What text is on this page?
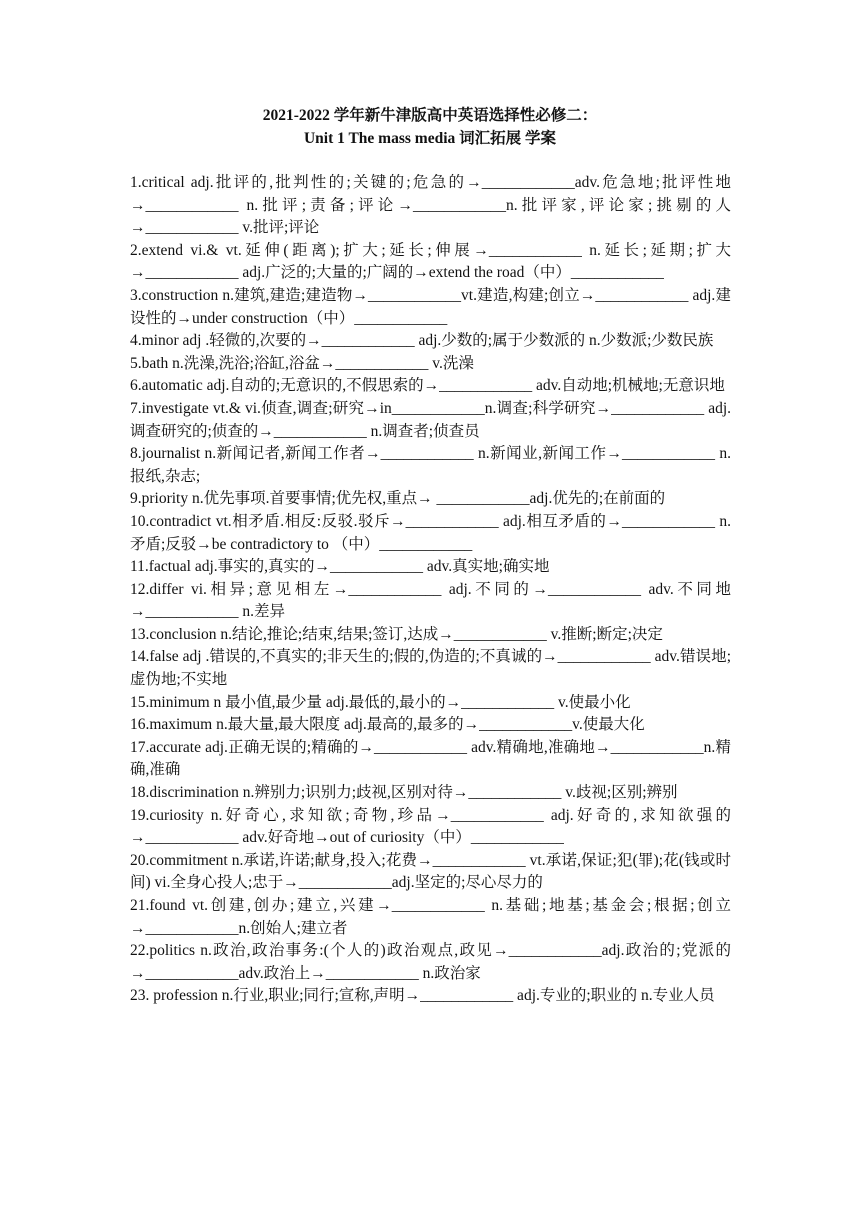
2021-2022 学年新牛津版高中英语选择性必修二：
Unit 1 The mass media 词汇拓展 学案
1.critical adj.批评的,批判性的;关键的;危急的→____________adv.危急地;批评性地→____________ n.批评;责备;评论→____________n.批评家,评论家;挑剔的人→____________ v.批评;评论
2.extend vi.& vt.延伸(距离);扩大;延长;伸展→____________ n.延长;延期;扩大→____________ adj.广泛的;大量的;广阔的→extend the road（中）____________
3.construction n.建筑,建造;建造物→____________vt.建造,构建;创立→____________ adj.建设性的→under construction（中）____________
4.minor adj .轻微的,次要的→____________ adj.少数的;属于少数派的 n.少数派;少数民族
5.bath n.洗澡,洗浴;浴缸,浴盆→____________ v.洗澡
6.automatic adj.自动的;无意识的,不假思索的→____________ adv.自动地;机械地;无意识地
7.investigate vt.& vi.侦查,调查;研究→in____________n.调查;科学研究→____________ adj.调查研究的;侦查的→____________ n.调查者;侦查员
8.journalist n.新闻记者,新闻工作者→____________ n.新闻业,新闻工作→____________ n.报纸,杂志;
9.priority n.优先事项.首要事情;优先权,重点→ ____________adj.优先的;在前面的
10.contradict vt.相矛盾.相反:反驳.驳斥→____________ adj.相互矛盾的→____________ n.矛盾;反驳→be contradictory to （中）____________
11.factual adj.事实的,真实的→____________ adv.真实地;确实地
12.differ vi.相异;意见相左→____________ adj.不同的→____________ adv.不同地→____________ n.差异
13.conclusion n.结论,推论;结束,结果;签订,达成→____________ v.推断;断定;决定
14.false adj .错误的,不真实的;非天生的;假的,伪造的;不真诚的→____________ adv.错误地;虚伪地;不实地
15.minimum n 最小值,最少量 adj.最低的,最小的→____________ v.使最小化
16.maximum n.最大量,最大限度 adj.最高的,最多的→____________v.使最大化
17.accurate adj.正确无误的;精确的→____________ adv.精确地,准确地→____________n.精确,准确
18.discrimination n.辨别力;识别力;歧视,区别对待→____________ v.歧视;区别;辨别
19.curiosity n.好奇心,求知欲;奇物,珍品→____________ adj.好奇的,求知欲强的→____________ adv.好奇地→out of curiosity（中）____________
20.commitment n.承诺,许诺;献身,投入;花费→____________ vt.承诺,保证;犯(罪);花(钱或时间) vi.全身心投人;忠于→____________adj.坚定的;尽心尽力的
21.found vt.创建,创办;建立,兴建→____________ n.基础;地基;基金会;根据;创立→____________n.创始人;建立者
22.politics n.政治,政治事务:(个人的)政治观点,政见→____________adj.政治的;党派的→____________adv.政治上→____________ n.政治家
23. profession n.行业,职业;同行;宣称,声明→____________ adj.专业的;职业的 n.专业人员
